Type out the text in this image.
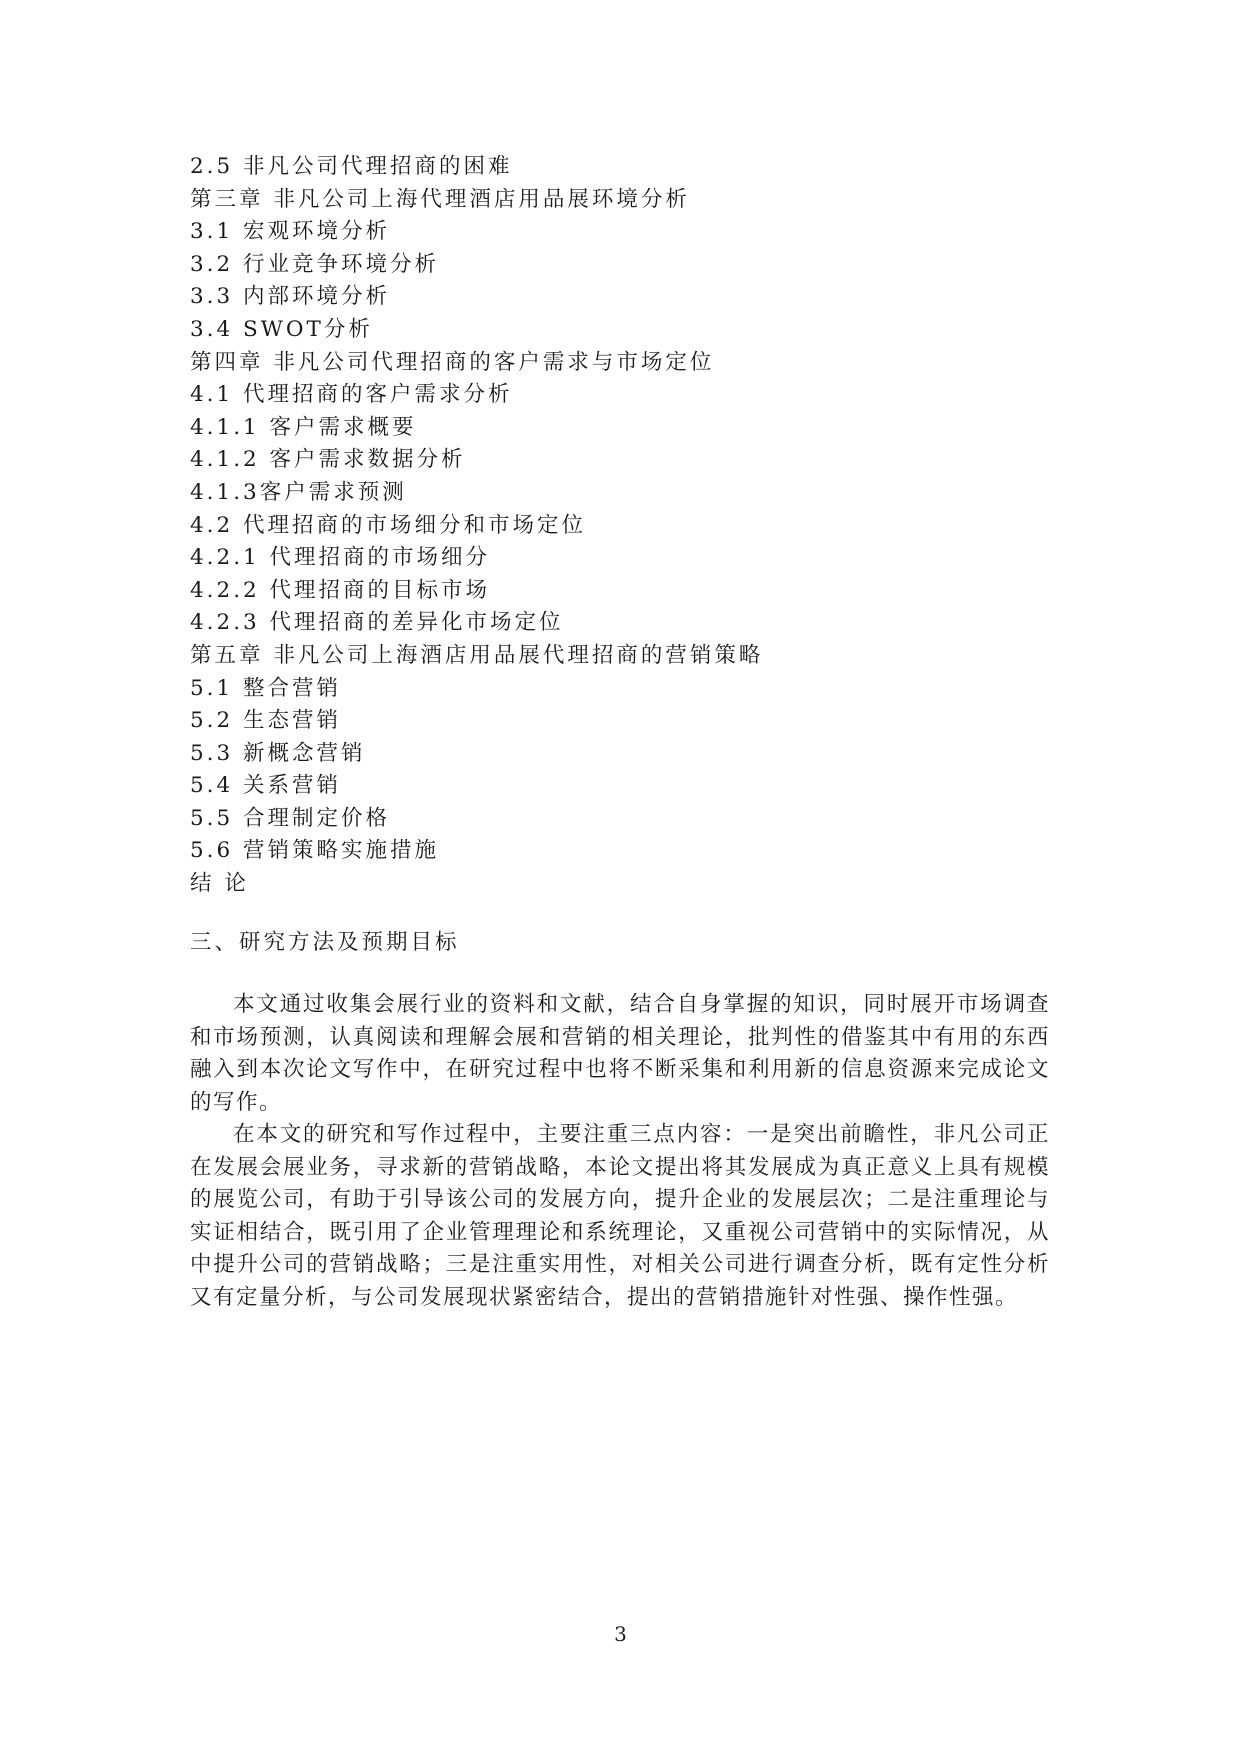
2.5 非凡公司代理招商的困难
第三章 非凡公司上海代理酒店用品展环境分析
3.1 宏观环境分析
3.2 行业竞争环境分析
3.3 内部环境分析
3.4 SWOT分析
第四章 非凡公司代理招商的客户需求与市场定位
4.1 代理招商的客户需求分析
4.1.1 客户需求概要
4.1.2 客户需求数据分析
4.1.3客户需求预测
4.2 代理招商的市场细分和市场定位
4.2.1 代理招商的市场细分
4.2.2 代理招商的目标市场
4.2.3 代理招商的差异化市场定位
第五章 非凡公司上海酒店用品展代理招商的营销策略
5.1 整合营销
5.2 生态营销
5.3 新概念营销
5.4 关系营销
5.5 合理制定价格
5.6 营销策略实施措施
结 论
三、研究方法及预期目标

本文通过收集会展行业的资料和文献，结合自身掌握的知识，同时展开市场调查和市场预测，认真阅读和理解会展和营销的相关理论，批判性的借鉴其中有用的东西融入到本次论文写作中，在研究过程中也将不断采集和利用新的信息资源来完成论文的写作。

在本文的研究和写作过程中，主要注重三点内容：一是突出前瞻性，非凡公司正在发展会展业务，寻求新的营销战略，本论文提出将其发展成为真正意义上具有规模的展览公司，有助于引导该公司的发展方向，提升企业的发展层次；二是注重理论与实证相结合，既引用了企业管理理论和系统理论，又重视公司营销中的实际情况，从中提升公司的营销战略；三是注重实用性，对相关公司进行调查分析，既有定性分析又有定量分析，与公司发展现状紧密结合，提出的营销措施针对性强、操作性强。

3
